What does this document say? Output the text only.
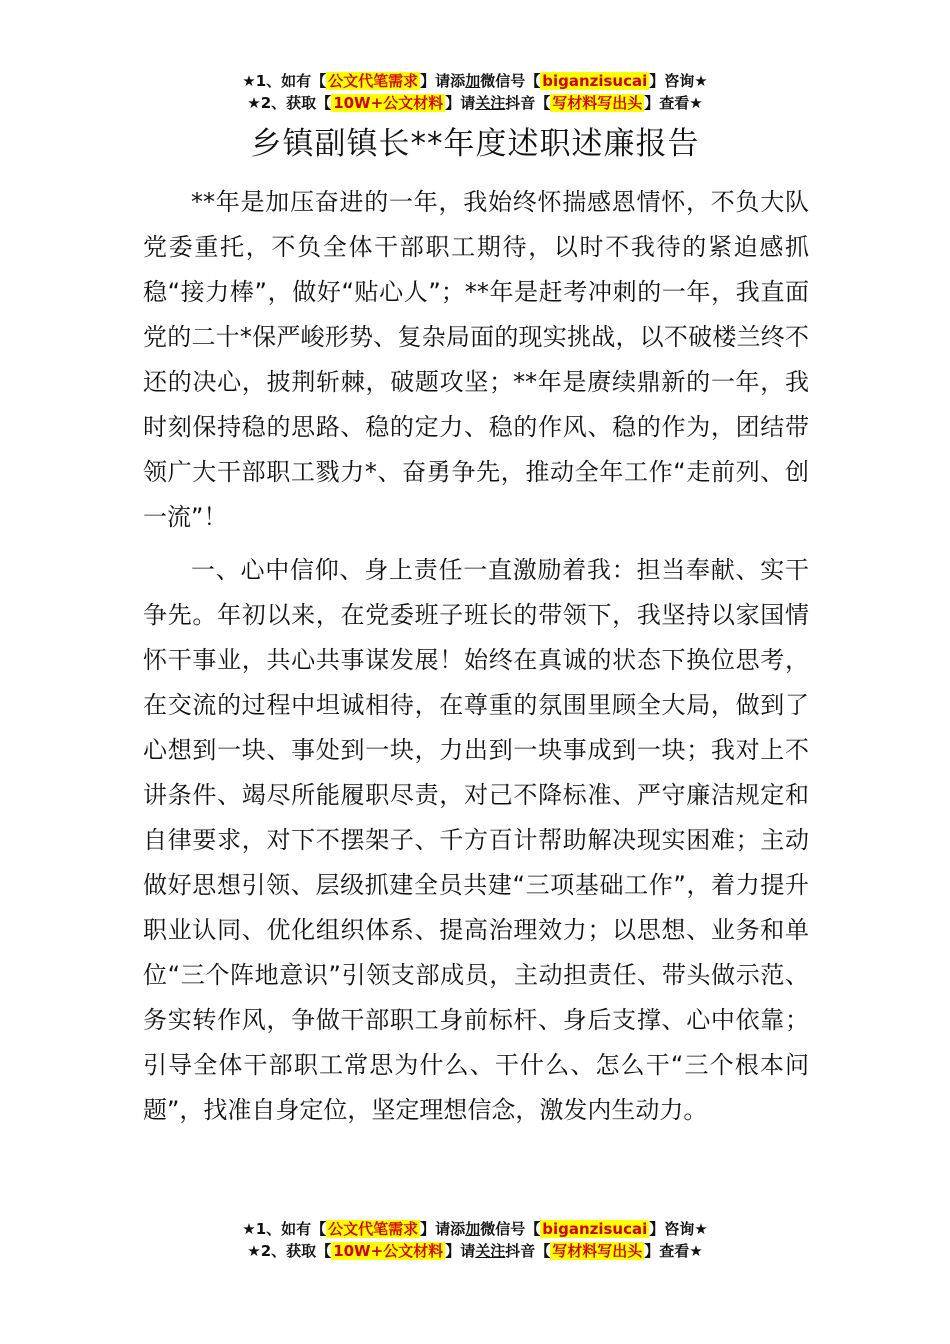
★1、如有【 公文代笔需求 】请添加微信号【 biganzisucai 】咨询★
★2、获取【 10W+公文材料 】请关注抖音【 写材料写出头 】查看★
乡镇副镇长**年度述职述廉报告

**年是加压奋进的一年，我始终怀揣感恩情怀，不负大队党委重托，不负全体干部职工期待，以时不我待的紧迫感抓稳“接力棒”，做好“贴心人”；**年是赶考冲刺的一年，我直面党的二十*保严峻形势、复杂局面的现实挑战，以不破楼兰终不还的决心，披荆斩棘，破题攻坚；**年是赓续鼎新的一年，我时刻保持稳的思路、稳的定力、稳的作风、稳的作为，团结带领广大干部职工戮力*、奋勇争先，推动全年工作“走前列、创一流”！

一、心中信仰、身上责任一直激励着我：担当奉献、实干争先。年初以来，在党委班子班长的带领下，我坚持以家国情怀干事业，共心共事谋发展！始终在真诚的状态下换位思考，在交流的过程中坦诚相待，在尊重的氛围里顾全大局，做到了心想到一块、事处到一块，力出到一块事成到一块；我对上不讲条件、竭尽所能履职尽责，对己不降标准、严守廉洁规定和自律要求，对下不摆架子、千方百计帮助解决现实困难；主动做好思想引领、层级抓建全员共建“三项基础工作”，着力提升职业认同、优化组织体系、提高治理效力；以思想、业务和单位“三个阵地意识”引领支部成员，主动担责任、带头做示范、务实转作风，争做干部职工身前标杆、身后支撑、心中依靠；引导全体干部职工常思为什么、干什么、怎么干“三个根本问题”，找准自身定位，坚定理想信念，激发内生动力。

★1、如有【 公文代笔需求 】请添加微信号【 biganzisucai 】咨询★
★2、获取【 10W+公文材料 】请关注抖音【 写材料写出头 】查看★
